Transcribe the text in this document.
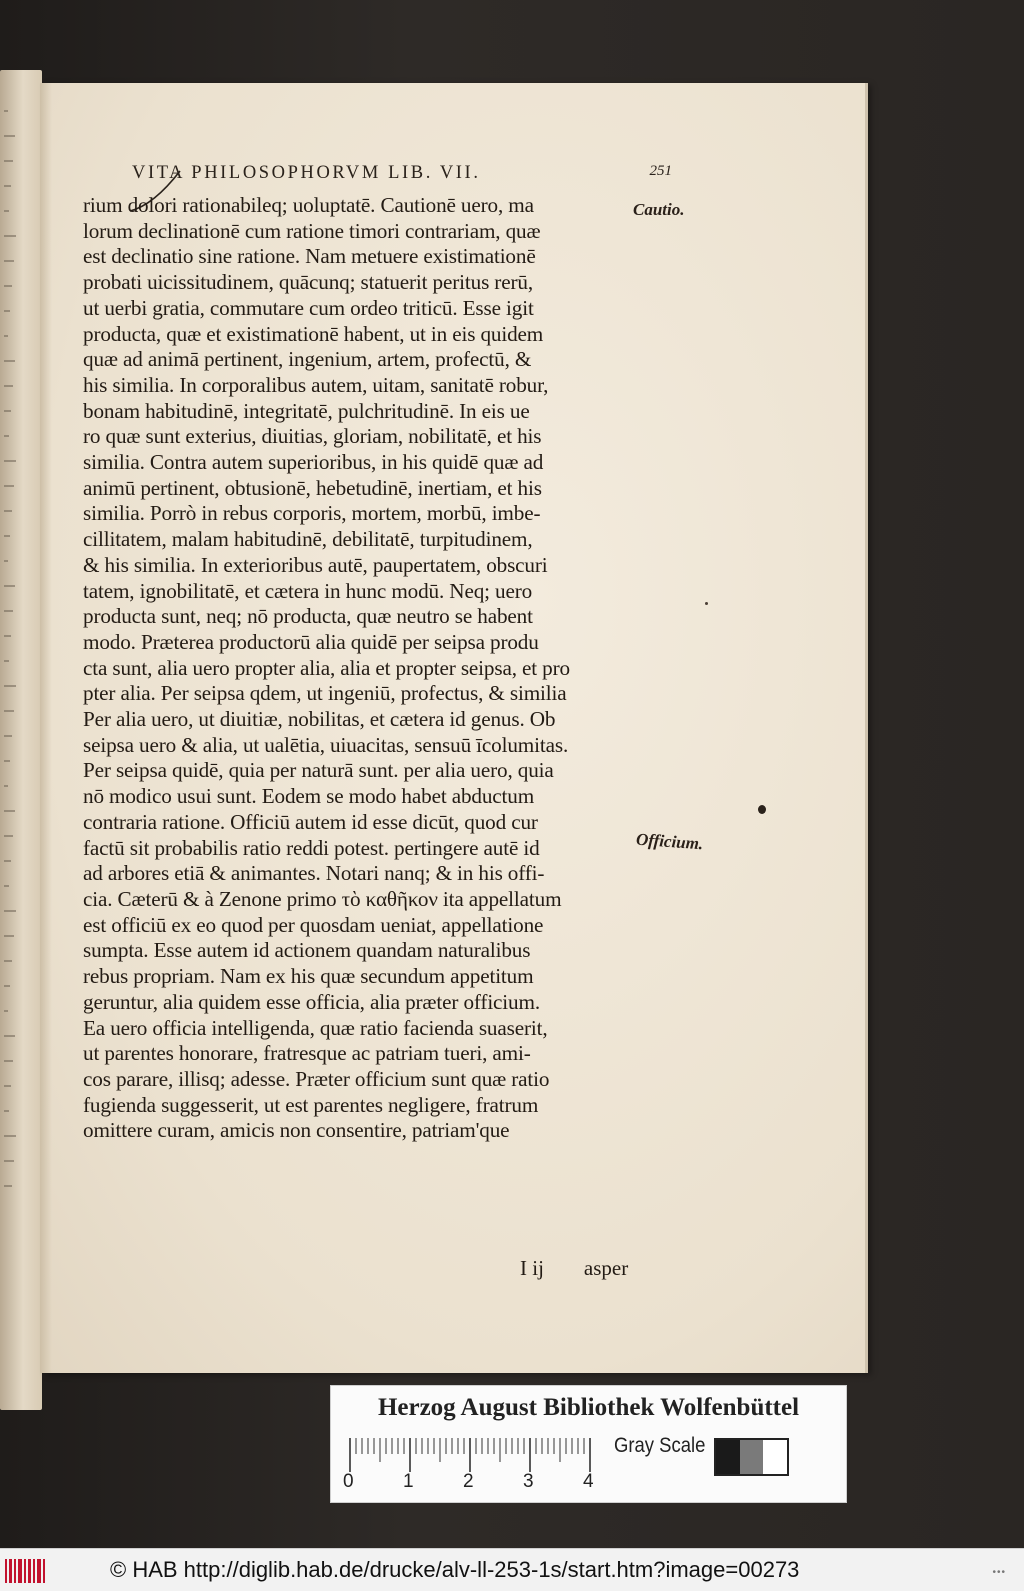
VITA PHILOSOPHORVM LIB. VII.	251
rium dolori rationabileq; uoluptatē. Cautionē uero, ma
lorum declinationē cum ratione timori contrariam, quæ
est declinatio sine ratione. Nam metuere existimationē
probati uicissitudinem, quācunq; statuerit peritus rerū,
ut uerbi gratia, commutare cum ordeo triticū. Esse igit
producta, quæ et existimationē habent, ut in eis quidem
quæ ad animā pertinent, ingenium, artem, profectū, &
his similia. In corporalibus autem, uitam, sanitatē robur,
bonam habitudinē, integritatē, pulchritudinē. In eis ue
ro quæ sunt exterius, diuitias, gloriam, nobilitatē, et his
similia. Contra autem superioribus, in his quidē quæ ad
animū pertinent, obtusionē, hebetudinē, inertiam, et his
similia. Porrò in rebus corporis, mortem, morbū, imbe-
cillitatem, malam habitudinē, debilitatē, turpitudinem,
& his similia. In exterioribus autē, paupertatem, obscuri
tatem, ignobilitatē, et cætera in hunc modū. Neq; uero
producta sunt, neq; nō producta, quæ neutro se habent
modo. Præterea productorū alia quidē per seipsa produ
cta sunt, alia uero propter alia, alia et propter seipsa, et pro
pter alia. Per seipsa qdem, ut ingeniū, profectus, & similia
Per alia uero, ut diuitiæ, nobilitas, et cætera id genus. Ob
seipsa uero & alia, ut ualētia, uiuacitas, sensuū īcolumitas.
Per seipsa quidē, quia per naturā sunt. per alia uero, quia
nō modico usui sunt. Eodem se modo habet abductum
contraria ratione. Officiū autem id esse dicūt, quod cur
factū sit probabilis ratio reddi potest. pertingere autē id
ad arbores etiā & animantes. Notari nanq; & in his offi-
cia. Cæterū & à Zenone primo τὸ καθῆκον ita appellatum
est officiū ex eo quod per quosdam ueniat, appellatione
sumpta. Esse autem id actionem quandam naturalibus
rebus propriam. Nam ex his quæ secundum appetitum
geruntur, alia quidem esse officia, alia præter officium.
Ea uero officia intelligenda, quæ ratio facienda suaserit,
ut parentes honorare, fratresque ac patriam tueri, ami-
cos parare, illisq; adesse. Præter officium sunt quæ ratio
fugienda suggesserit, ut est parentes negligere, fratrum
omittere curam, amicis non consentire, patriam'que
Cautio.
Officium.
I ij asper
Herzog August Bibliothek Wolfenbüttel
0	1	2	3	4
Gray Scale
© HAB http://diglib.hab.de/drucke/alv-ll-253-1s/start.htm?image=00273	•••
